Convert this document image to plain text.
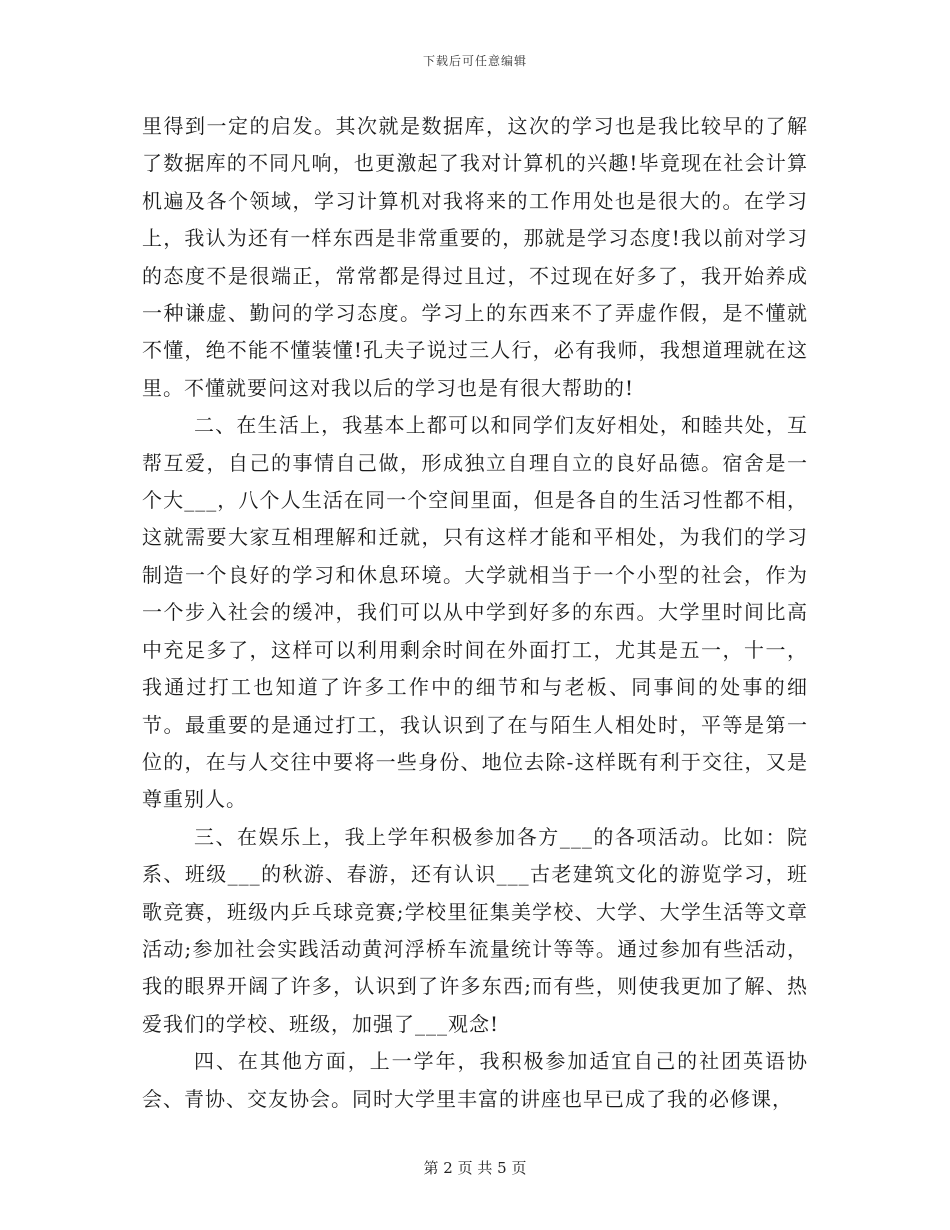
下载后可任意编辑

里得到一定的启发。其次就是数据库，这次的学习也是我比较早的了解了数据库的不同凡响，也更激起了我对计算机的兴趣!毕竟现在社会计算机遍及各个领域，学习计算机对我将来的工作用处也是很大的。在学习上，我认为还有一样东西是非常重要的，那就是学习态度!我以前对学习的态度不是很端正，常常都是得过且过，不过现在好多了，我开始养成一种谦虚、勤问的学习态度。学习上的东西来不了弄虚作假，是不懂就不懂，绝不能不懂装懂!孔夫子说过三人行，必有我师，我想道理就在这里。不懂就要问这对我以后的学习也是有很大帮助的!

二、在生活上，我基本上都可以和同学们友好相处，和睦共处，互帮互爱，自己的事情自己做，形成独立自理自立的良好品德。宿舍是一个大___，八个人生活在同一个空间里面，但是各自的生活习性都不相，这就需要大家互相理解和迁就，只有这样才能和平相处，为我们的学习制造一个良好的学习和休息环境。大学就相当于一个小型的社会，作为一个步入社会的缓冲，我们可以从中学到好多的东西。大学里时间比高中充足多了，这样可以利用剩余时间在外面打工，尤其是五一，十一，我通过打工也知道了许多工作中的细节和与老板、同事间的处事的细节。最重要的是通过打工，我认识到了在与陌生人相处时，平等是第一位的，在与人交往中要将一些身份、地位去除-这样既有利于交往，又是尊重别人。

三、在娱乐上，我上学年积极参加各方___的各项活动。比如：院系、班级___的秋游、春游，还有认识___古老建筑文化的游览学习，班歌竞赛，班级内乒乓球竞赛;学校里征集美学校、大学、大学生活等文章活动;参加社会实践活动黄河浮桥车流量统计等等。通过参加有些活动，我的眼界开阔了许多，认识到了许多东西;而有些，则使我更加了解、热爱我们的学校、班级，加强了___观念!

四、在其他方面，上一学年，我积极参加适宜自己的社团英语协会、青协、交友协会。同时大学里丰富的讲座也早已成了我的必修课，

第 2 页 共 5 页
